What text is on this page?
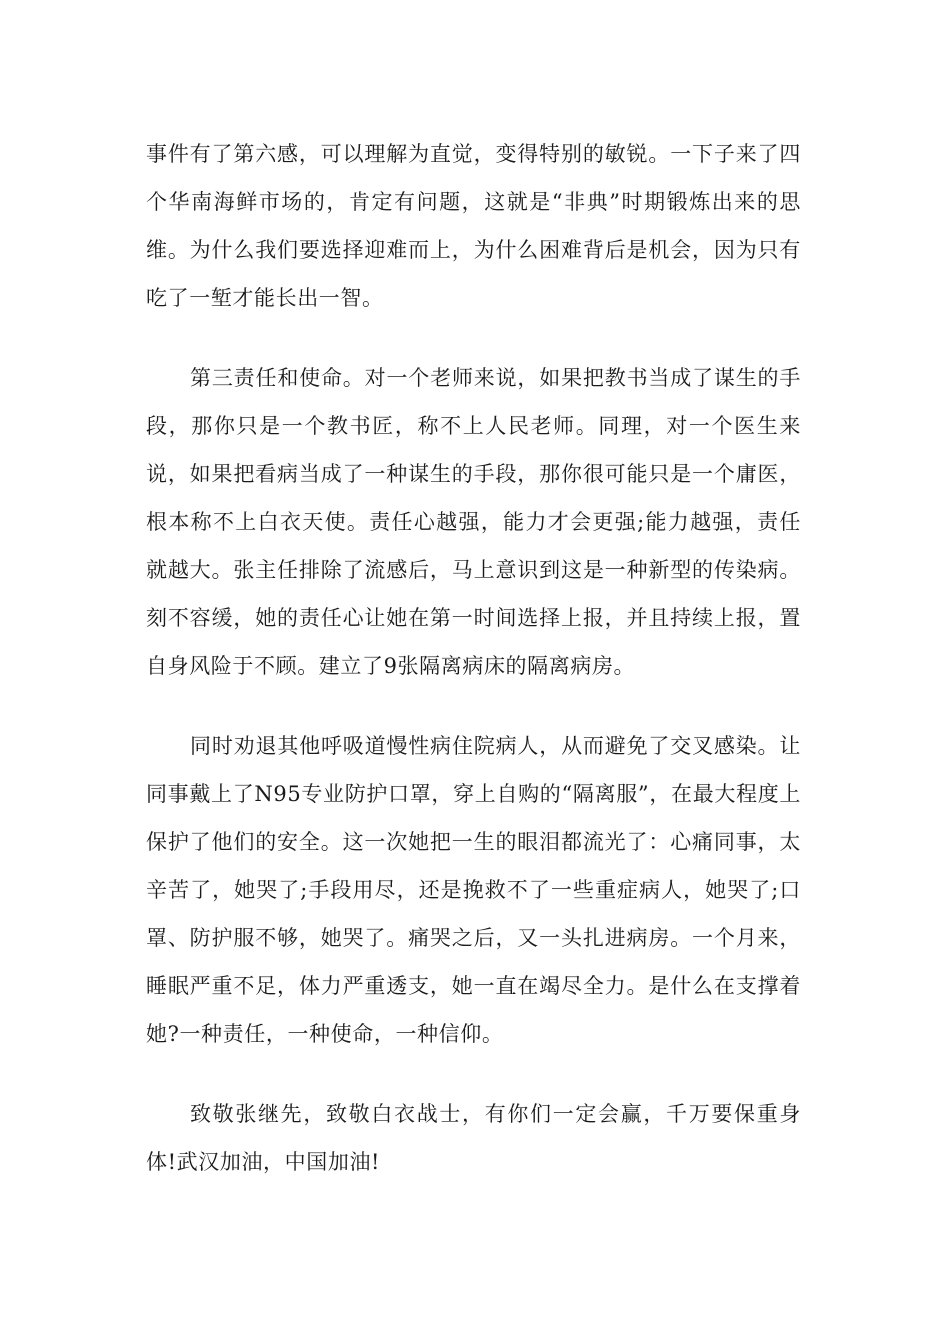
事件有了第六感，可以理解为直觉，变得特别的敏锐。一下子来了四个华南海鲜市场的，肯定有问题，这就是“非典”时期锻炼出来的思维。为什么我们要选择迎难而上，为什么困难背后是机会，因为只有吃了一堑才能长出一智。

第三责任和使命。对一个老师来说，如果把教书当成了谋生的手段，那你只是一个教书匠，称不上人民老师。同理，对一个医生来说，如果把看病当成了一种谋生的手段，那你很可能只是一个庸医，根本称不上白衣天使。责任心越强，能力才会更强;能力越强，责任就越大。张主任排除了流感后，马上意识到这是一种新型的传染病。刻不容缓，她的责任心让她在第一时间选择上报，并且持续上报，置自身风险于不顾。建立了9张隔离病床的隔离病房。

同时劝退其他呼吸道慢性病住院病人，从而避免了交叉感染。让同事戴上了N95专业防护口罩，穿上自购的“隔离服”，在最大程度上保护了他们的安全。这一次她把一生的眼泪都流光了：心痛同事，太辛苦了，她哭了;手段用尽，还是挽救不了一些重症病人，她哭了;口罩、防护服不够，她哭了。痛哭之后，又一头扎进病房。一个月来，睡眠严重不足，体力严重透支，她一直在竭尽全力。是什么在支撑着她?一种责任，一种使命，一种信仰。

致敬张继先，致敬白衣战士，有你们一定会赢，千万要保重身体!武汉加油，中国加油!
